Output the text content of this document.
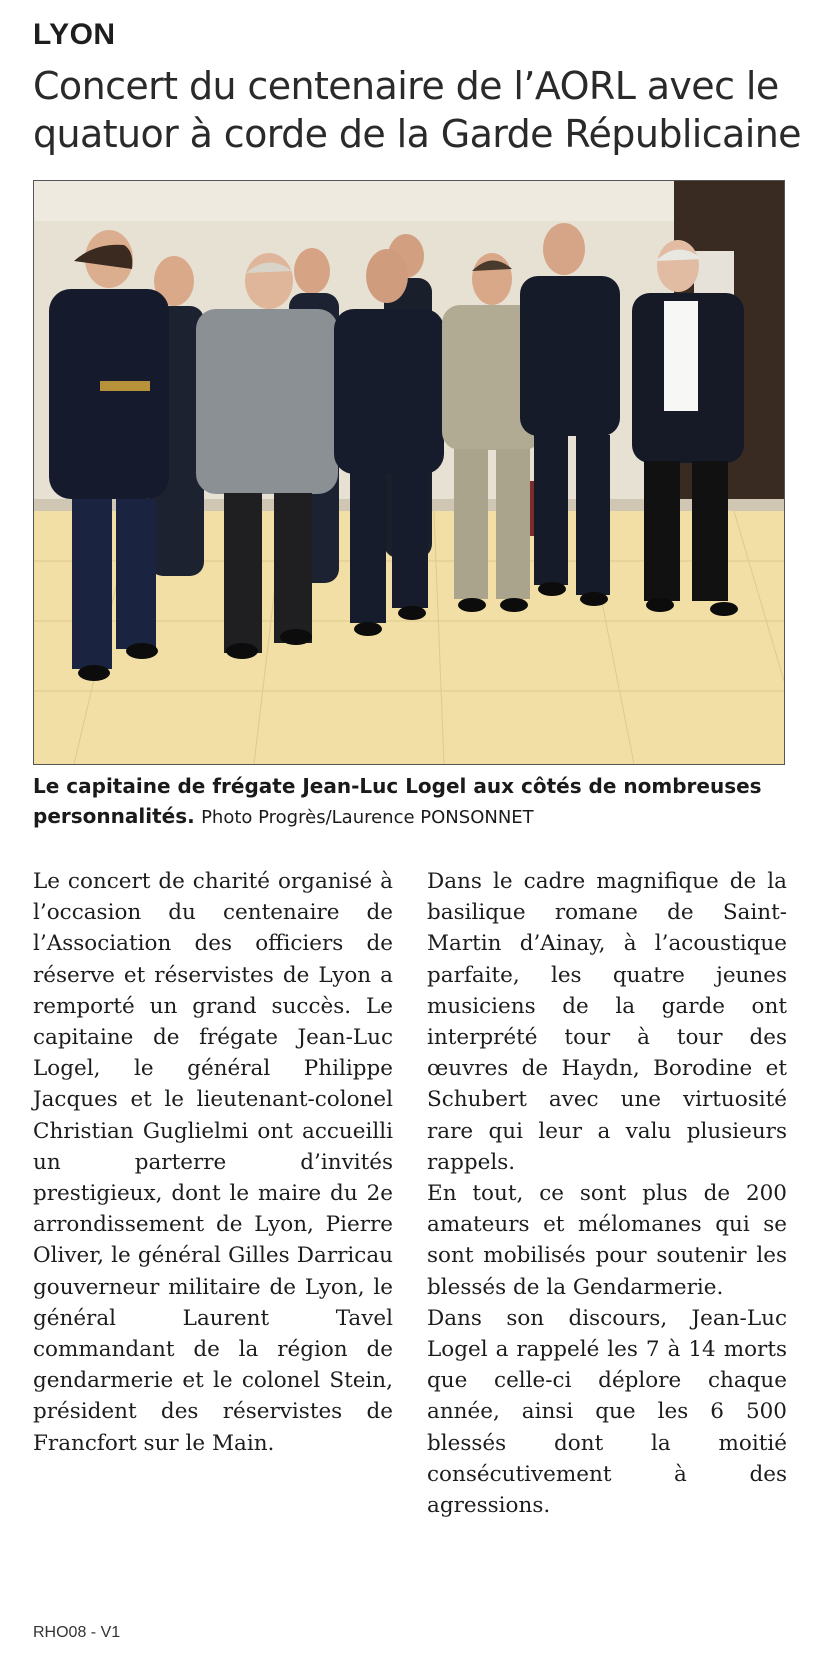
LYON
Concert du centenaire de l’AORL avec le quatuor à corde de la Garde Républicaine
Le capitaine de frégate Jean-Luc Logel aux côtés de nombreuses personnalités. Photo Progrès/Laurence PONSONNET

Le concert de charité organisé à l’occasion du centenaire de l’Association des officiers de réserve et réservistes de Lyon a remporté un grand succès. Le capitaine de frégate Jean-Luc Logel, le général Philippe Jacques et le lieutenant-colonel Christian Guglielmi ont accueilli un parterre d’invités prestigieux, dont le maire du 2e arrondissement de Lyon, Pierre Oliver, le général Gilles Darricau gouverneur militaire de Lyon, le général Laurent Tavel commandant de la région de gendarmerie et le colonel Stein, président des réservistes de Francfort sur le Main.

Dans le cadre magnifique de la basilique romane de Saint-Martin d’Ainay, à l’acoustique parfaite, les quatre jeunes musiciens de la garde ont interprété tour à tour des œuvres de Haydn, Borodine et Schubert avec une virtuosité rare qui leur a valu plusieurs rappels.

En tout, ce sont plus de 200 amateurs et mélomanes qui se sont mobilisés pour soutenir les blessés de la Gendarmerie.

Dans son discours, Jean-Luc Logel a rappelé les 7 à 14 morts que celle-ci déplore chaque année, ainsi que les 6 500 blessés dont la moitié consécutivement à des agressions.

RHO08 - V1
